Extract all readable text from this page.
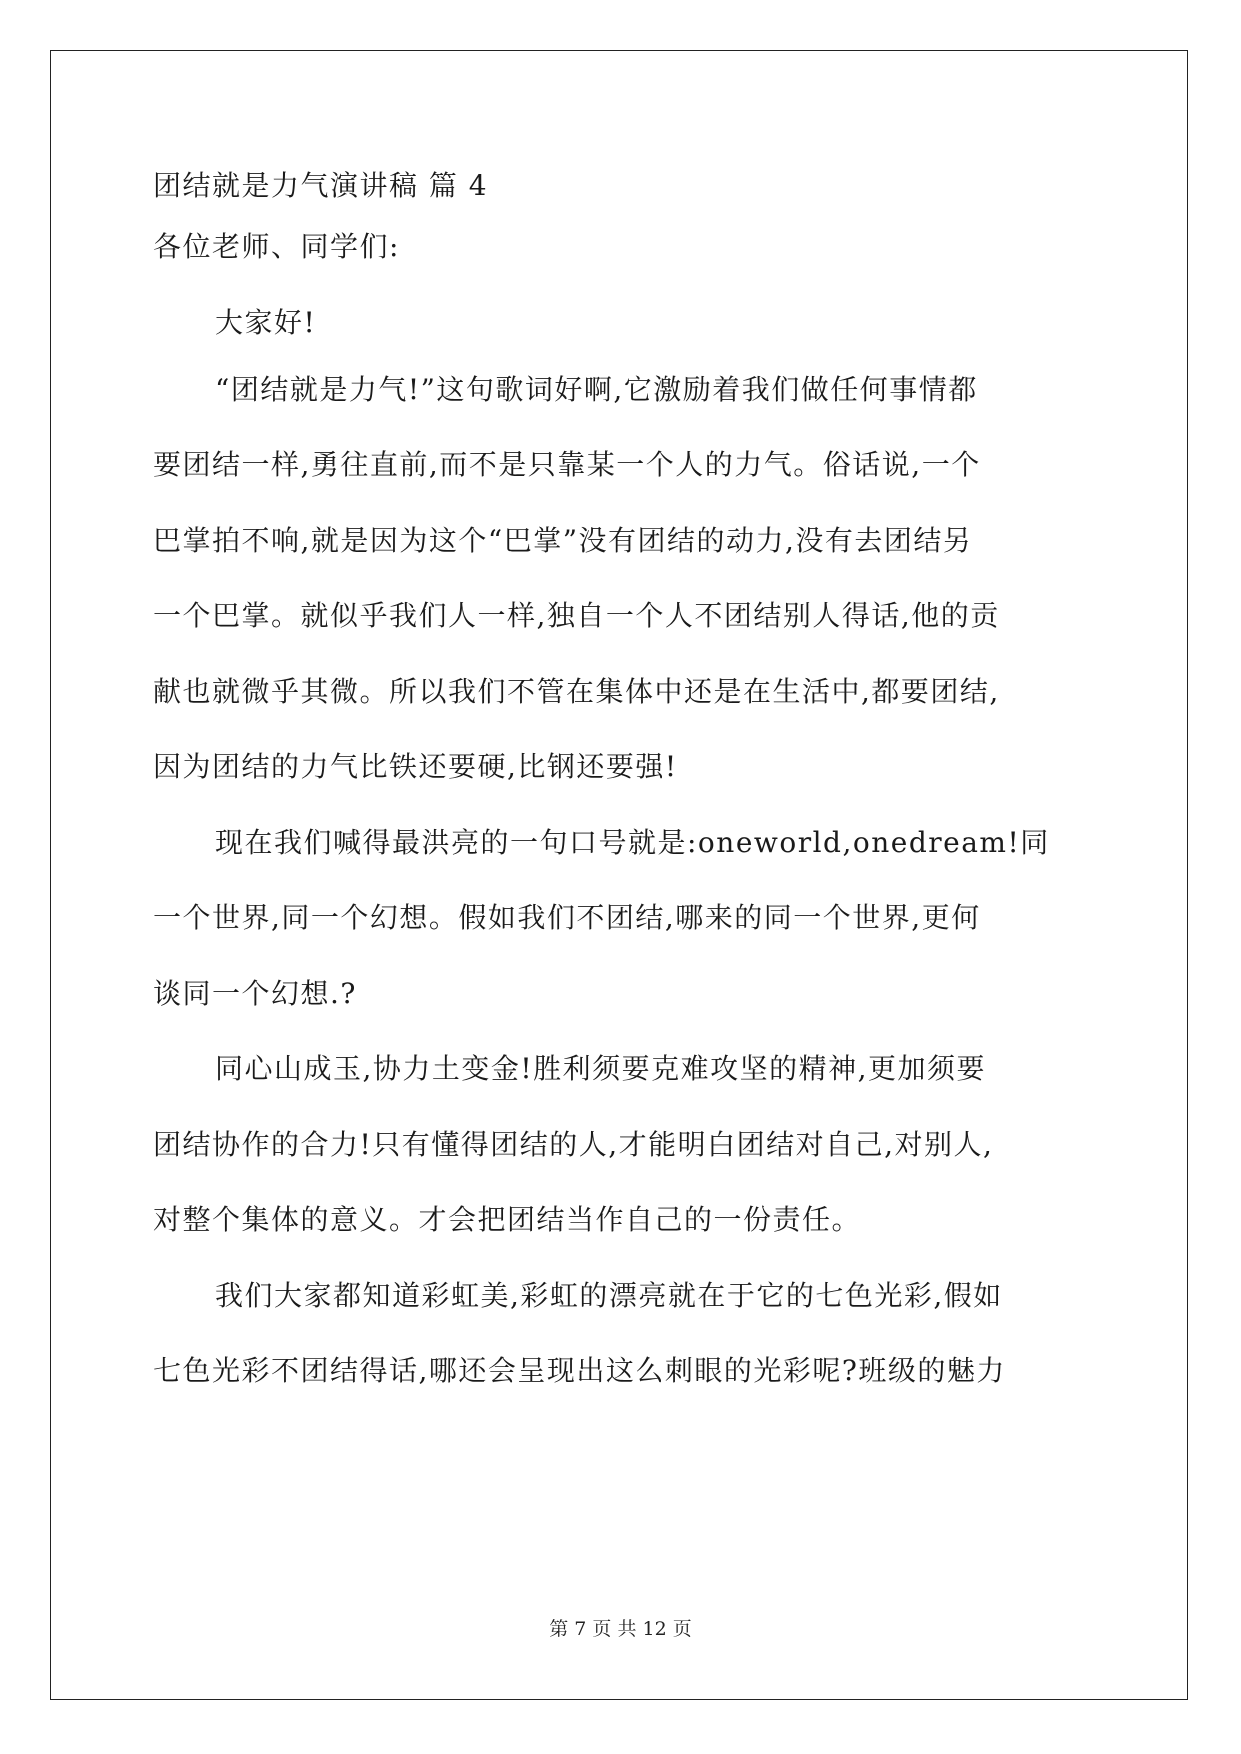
团结就是力气演讲稿 篇 4
各位老师、同学们:
大家好!
“团结就是力气!”这句歌词好啊,它激励着我们做任何事情都
要团结一样,勇往直前,而不是只靠某一个人的力气。俗话说,一个
巴掌拍不响,就是因为这个“巴掌”没有团结的动力,没有去团结另
一个巴掌。就似乎我们人一样,独自一个人不团结别人得话,他的贡
献也就微乎其微。所以我们不管在集体中还是在生活中,都要团结,
因为团结的力气比铁还要硬,比钢还要强!
现在我们喊得最洪亮的一句口号就是:oneworld,onedream!同
一个世界,同一个幻想。假如我们不团结,哪来的同一个世界,更何
谈同一个幻想.?
同心山成玉,协力土变金!胜利须要克难攻坚的精神,更加须要
团结协作的合力!只有懂得团结的人,才能明白团结对自己,对别人,
对整个集体的意义。才会把团结当作自己的一份责任。
我们大家都知道彩虹美,彩虹的漂亮就在于它的七色光彩,假如
七色光彩不团结得话,哪还会呈现出这么刺眼的光彩呢?班级的魅力
第 7 页 共 12 页
